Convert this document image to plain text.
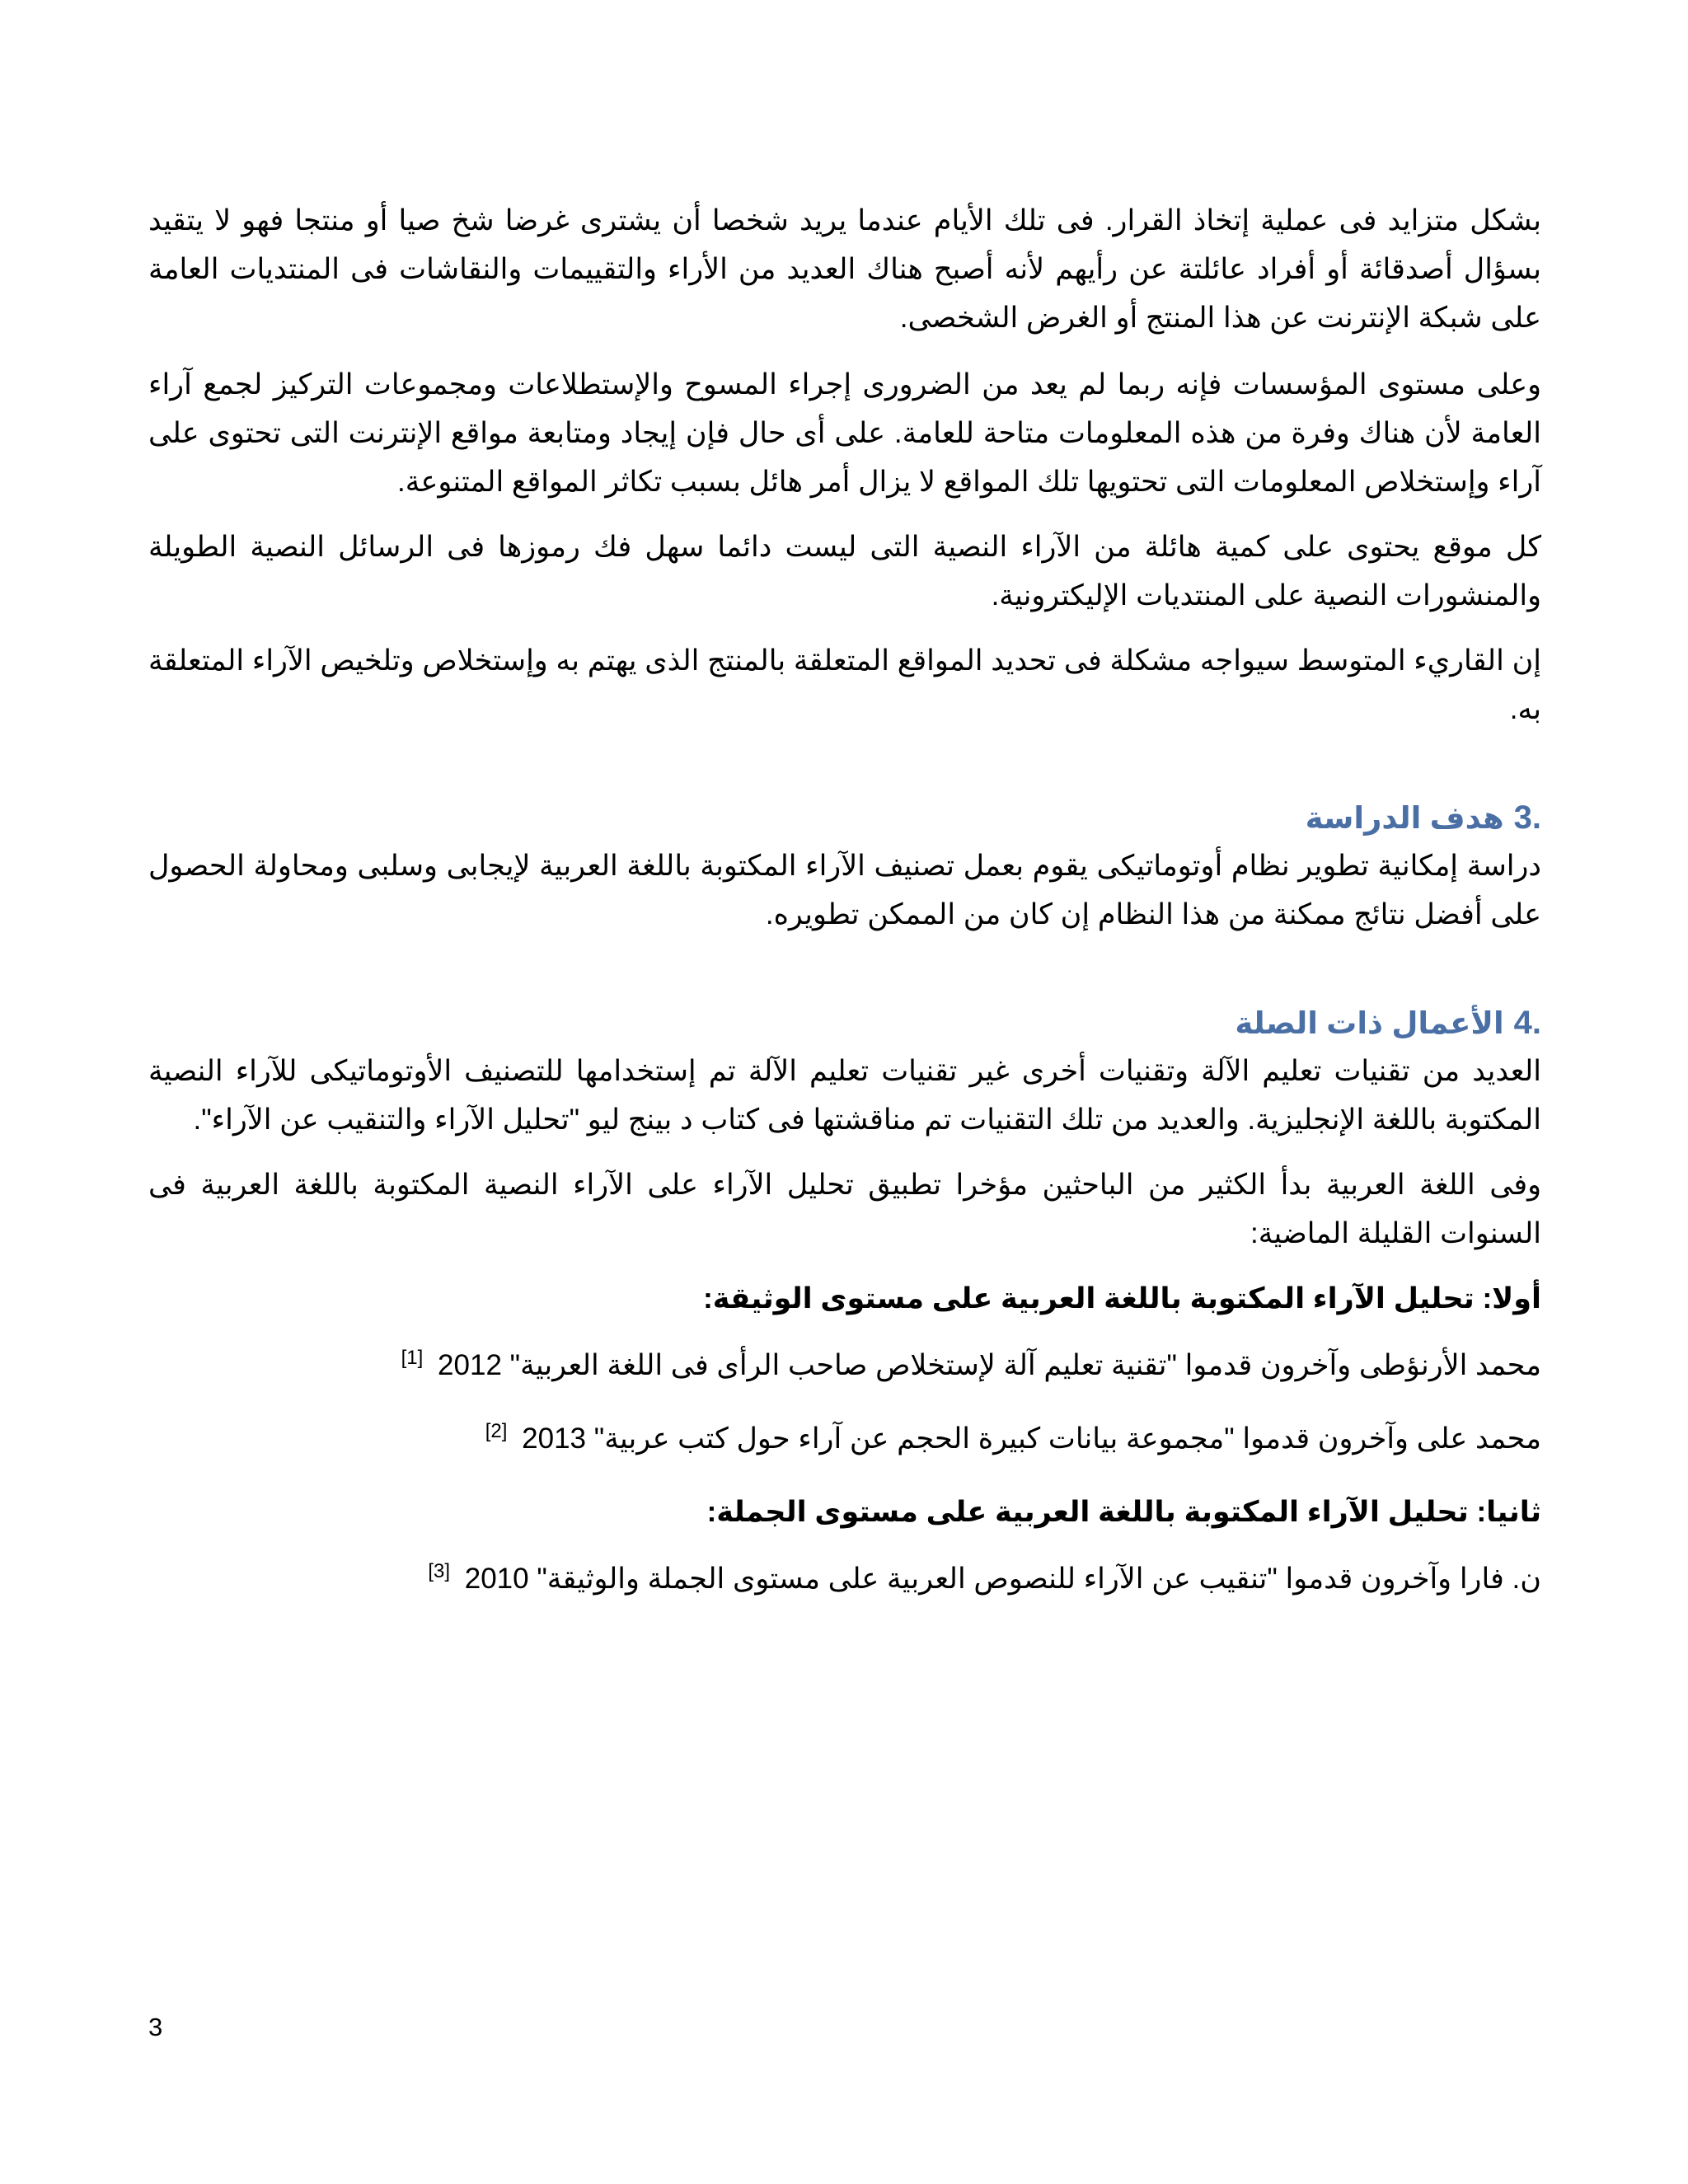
بشكل متزايد فى عملية إتخاذ القرار. فى تلك الأيام عندما يريد شخصا أن يشترى غرضا شخ صيا أو منتجا فهو لا يتقيد بسؤال أصدقائة أو أفراد عائلتة عن رأيهم لأنه أصبح هناك العديد من الأراء والتقييمات والنقاشات فى المنتديات العامة على شبكة الإنترنت عن هذا المنتج أو الغرض الشخصى.

وعلى مستوى المؤسسات فإنه ربما لم يعد من الضرورى إجراء المسوح والإستطلاعات ومجموعات التركيز لجمع آراء العامة لأن هناك وفرة من هذه المعلومات متاحة للعامة. على أى حال فإن إيجاد ومتابعة مواقع الإنترنت التى تحتوى على آراء وإستخلاص المعلومات التى تحتويها تلك المواقع لا يزال أمر هائل بسبب تكاثر المواقع المتنوعة.

كل موقع يحتوى على كمية هائلة من الآراء النصية التى ليست دائما سهل فك رموزها فى الرسائل النصية الطويلة والمنشورات النصية على المنتديات الإليكترونية.

إن القاريء المتوسط سيواجه مشكلة فى تحديد المواقع المتعلقة بالمنتج الذى يهتم به وإستخلاص وتلخيص الآراء المتعلقة به.

3.هدف الدراسة

دراسة إمكانية تطوير نظام أوتوماتيكى يقوم بعمل تصنيف الآراء المكتوبة باللغة العربية لإيجابى وسلبى ومحاولة الحصول على أفضل نتائج ممكنة من هذا النظام إن كان من الممكن تطويره.

4.الأعمال ذات الصلة

العديد من تقنيات تعليم الآلة وتقنيات أخرى غير تقنيات تعليم الآلة تم إستخدامها للتصنيف الأوتوماتيكى للآراء النصية المكتوبة باللغة الإنجليزية. والعديد من تلك التقنيات تم مناقشتها فى كتاب د بينج ليو "تحليل الآراء والتنقيب عن الآراء".

وفى اللغة العربية بدأ الكثير من الباحثين مؤخرا تطبيق تحليل الآراء على الآراء النصية المكتوبة باللغة العربية فى السنوات القليلة الماضية:

أولا: تحليل الآراء المكتوبة باللغة العربية على مستوى الوثيقة:

محمد الأرنؤطى وآخرون قدموا "تقنية تعليم آلة لإستخلاص صاحب الرأى فى اللغة العربية" 2012 [1]

محمد على وآخرون قدموا "مجموعة بيانات كبيرة الحجم عن آراء حول كتب عربية" 2013 [2]

ثانيا: تحليل الآراء المكتوبة باللغة العربية على مستوى الجملة:

ن. فارا وآخرون قدموا "تنقيب عن الآراء للنصوص العربية على مستوى الجملة والوثيقة" 2010 [3]

3
